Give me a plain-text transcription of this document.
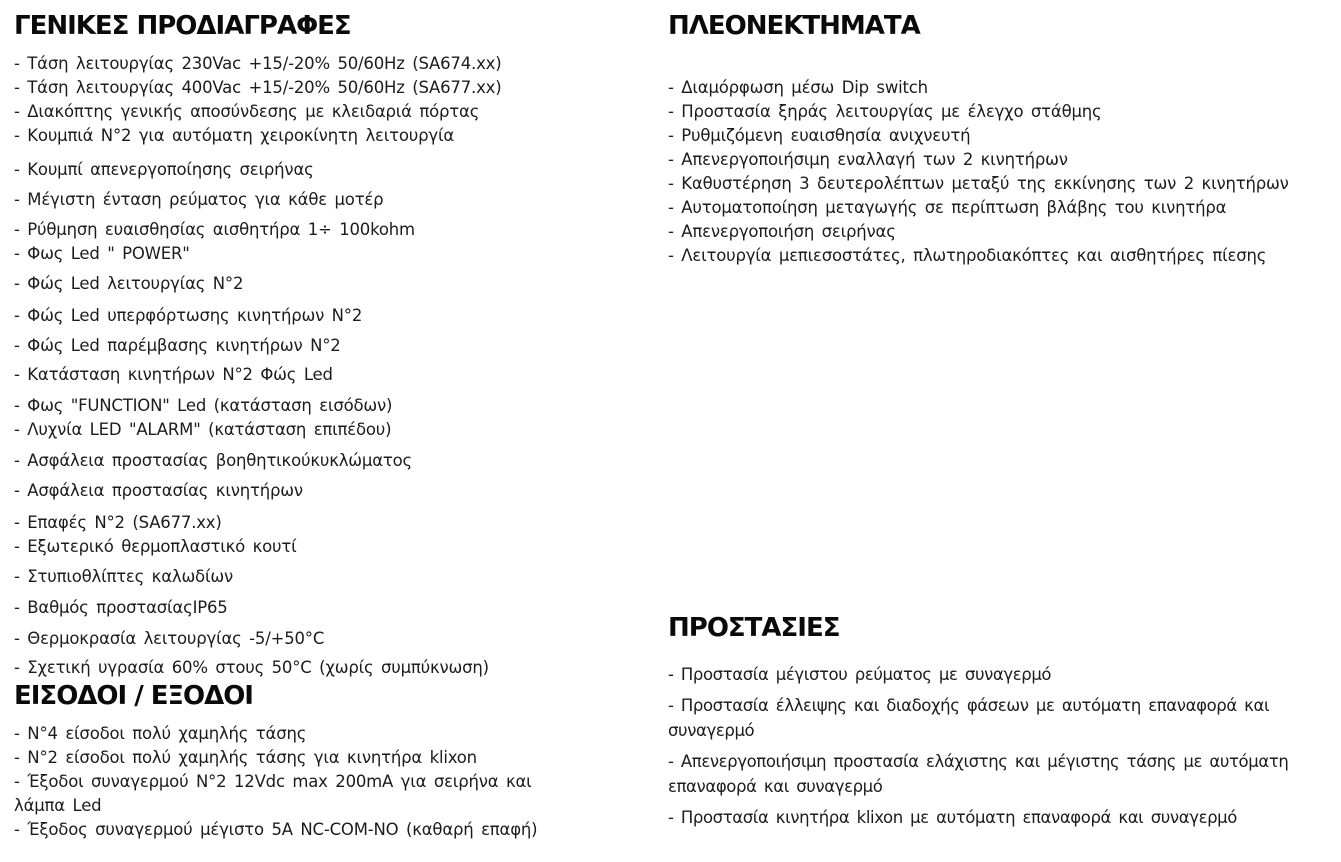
ΓΕΝΙΚΕΣ ΠΡΟΔΙΑΓΡΑΦΕΣ
- Τάση λειτουργίας 230Vac +15/-20% 50/60Hz (SA674.xx)
- Τάση λειτουργίας 400Vac +15/-20% 50/60Hz (SA677.xx)
- Διακόπτης γενικής αποσύνδεσης με κλειδαριά πόρτας
- Κουμπιά N°2 για αυτόματη χειροκίνητη λειτουργία
- Κουμπί απενεργοποίησης σειρήνας
- Μέγιστη ένταση ρεύματος για κάθε μοτέρ
- Ρύθμηση ευαισθησίας αισθητήρα 1÷ 100kohm
- Φως Led " POWER"
- Φώς Led λειτουργίας N°2
- Φώς Led υπερφόρτωσης κινητήρων N°2
- Φώς Led παρέμβασης κινητήρων N°2
- Κατάσταση κινητήρων N°2 Φώς Led
- Φως "FUNCTION" Led (κατάσταση εισόδων)
- Λυχνία LED "ALARM" (κατάσταση επιπέδου)
- Ασφάλεια προστασίας βοηθητικούκυκλώματος
- Ασφάλεια προστασίας κινητήρων
- Επαφές N°2 (SA677.xx)
- Εξωτερικό θερμοπλαστικό κουτί
- Στυπιοθλίπτες καλωδίων
- Βαθμός προστασίαςIP65
- Θερμοκρασία λειτουργίας -5/+50°C
- Σχετική υγρασία 60% στους 50°C (χωρίς συμπύκνωση)
ΕΙΣΟΔΟΙ / ΕΞΟΔΟΙ
- N°4 είσοδοι πολύ χαμηλής τάσης
- N°2 είσοδοι πολύ χαμηλής τάσης για κινητήρα klixon
- Έξοδοι συναγερμού N°2 12Vdc max 200mA για σειρήνα και λάμπα Led
- Έξοδος συναγερμού μέγιστο 5A NC-COM-NO (καθαρή επαφή)
ΠΛΕΟΝΕΚΤΗΜΑΤΑ
- Διαμόρφωση μέσω Dip switch
- Προστασία ξηράς λειτουργίας με έλεγχο στάθμης
- Ρυθμιζόμενη ευαισθησία ανιχνευτή
- Απενεργοποιήσιμη εναλλαγή των 2 κινητήρων
- Καθυστέρηση 3 δευτερολέπτων μεταξύ της εκκίνησης των 2 κινητήρων
- Αυτοματοποίηση μεταγωγής σε περίπτωση βλάβης του κινητήρα
- Απενεργοποιήση σειρήνας
- Λειτουργία μεπιεσοστάτες, πλωτηροδιακόπτες και αισθητήρες πίεσης
ΠΡΟΣΤΑΣΙΕΣ
- Προστασία μέγιστου ρεύματος με συναγερμό
- Προστασία έλλειψης και διαδοχής φάσεων με αυτόματη επαναφορά και συναγερμό
- Απενεργοποιήσιμη προστασία ελάχιστης και μέγιστης τάσης με αυτόματη επαναφορά και συναγερμό
- Προστασία κινητήρα klixon με αυτόματη επαναφορά και συναγερμό
